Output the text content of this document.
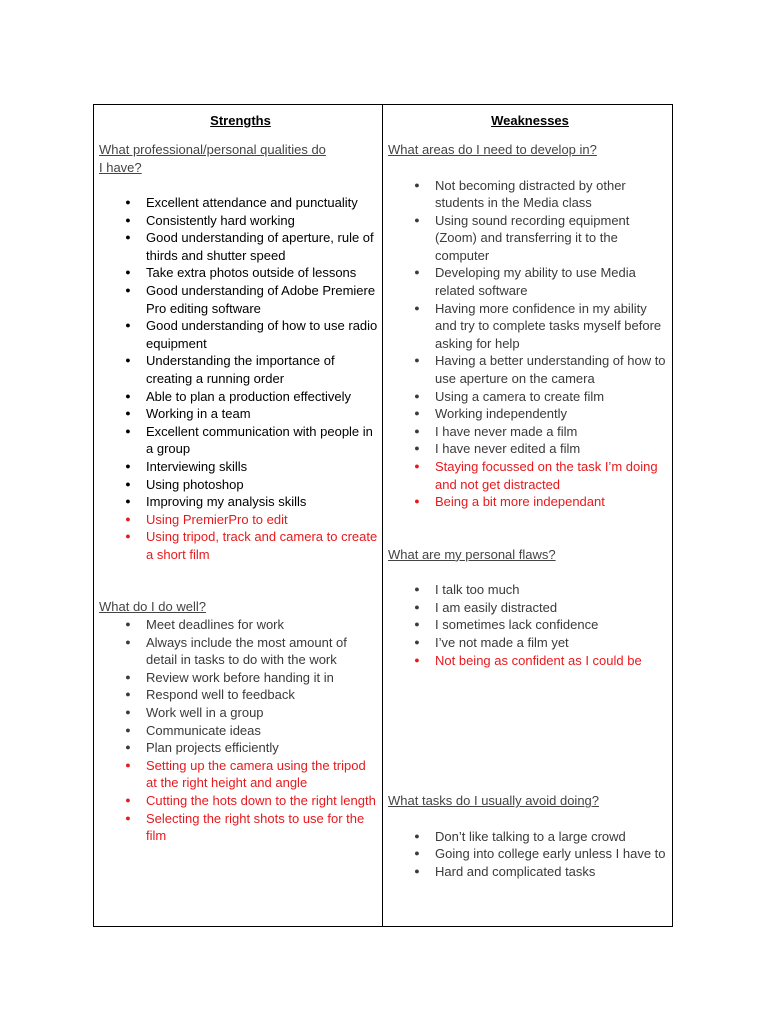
Strengths
What professional/personal qualities do I have?
● Excellent attendance and punctuality
● Consistently hard working
● Good understanding of aperture, rule of thirds and shutter speed
● Take extra photos outside of lessons
● Good understanding of Adobe Premiere Pro editing software
● Good understanding of how to use radio equipment
● Understanding the importance of creating a running order
● Able to plan a production effectively
● Working in a team
● Excellent communication with people in a group
● Interviewing skills
● Using photoshop
● Improving my analysis skills
● Using PremierPro to edit
● Using tripod, track and camera to create a short film
What do I do well?
● Meet deadlines for work
● Always include the most amount of detail in tasks to do with the work
● Review work before handing it in
● Respond well to feedback
● Work well in a group
● Communicate ideas
● Plan projects efficiently
● Setting up the camera using the tripod at the right height and angle
● Cutting the hots down to the right length
● Selecting the right shots to use for the film
Weaknesses
What areas do I need to develop in?
● Not becoming distracted by other students in the Media class
● Using sound recording equipment (Zoom) and transferring it to the computer
● Developing my ability to use Media related software
● Having more confidence in my ability and try to complete tasks myself before asking for help
● Having a better understanding of how to use aperture on the camera
● Using a camera to create film
● Working independently
● I have never made a film
● I have never edited a film
● Staying focussed on the task I’m doing and not get distracted
● Being a bit more independant
What are my personal flaws?
● I talk too much
● I am easily distracted
● I sometimes lack confidence
● I’ve not made a film yet
● Not being as confident as I could be
What tasks do I usually avoid doing?
● Don’t like talking to a large crowd
● Going into college early unless I have to
● Hard and complicated tasks
